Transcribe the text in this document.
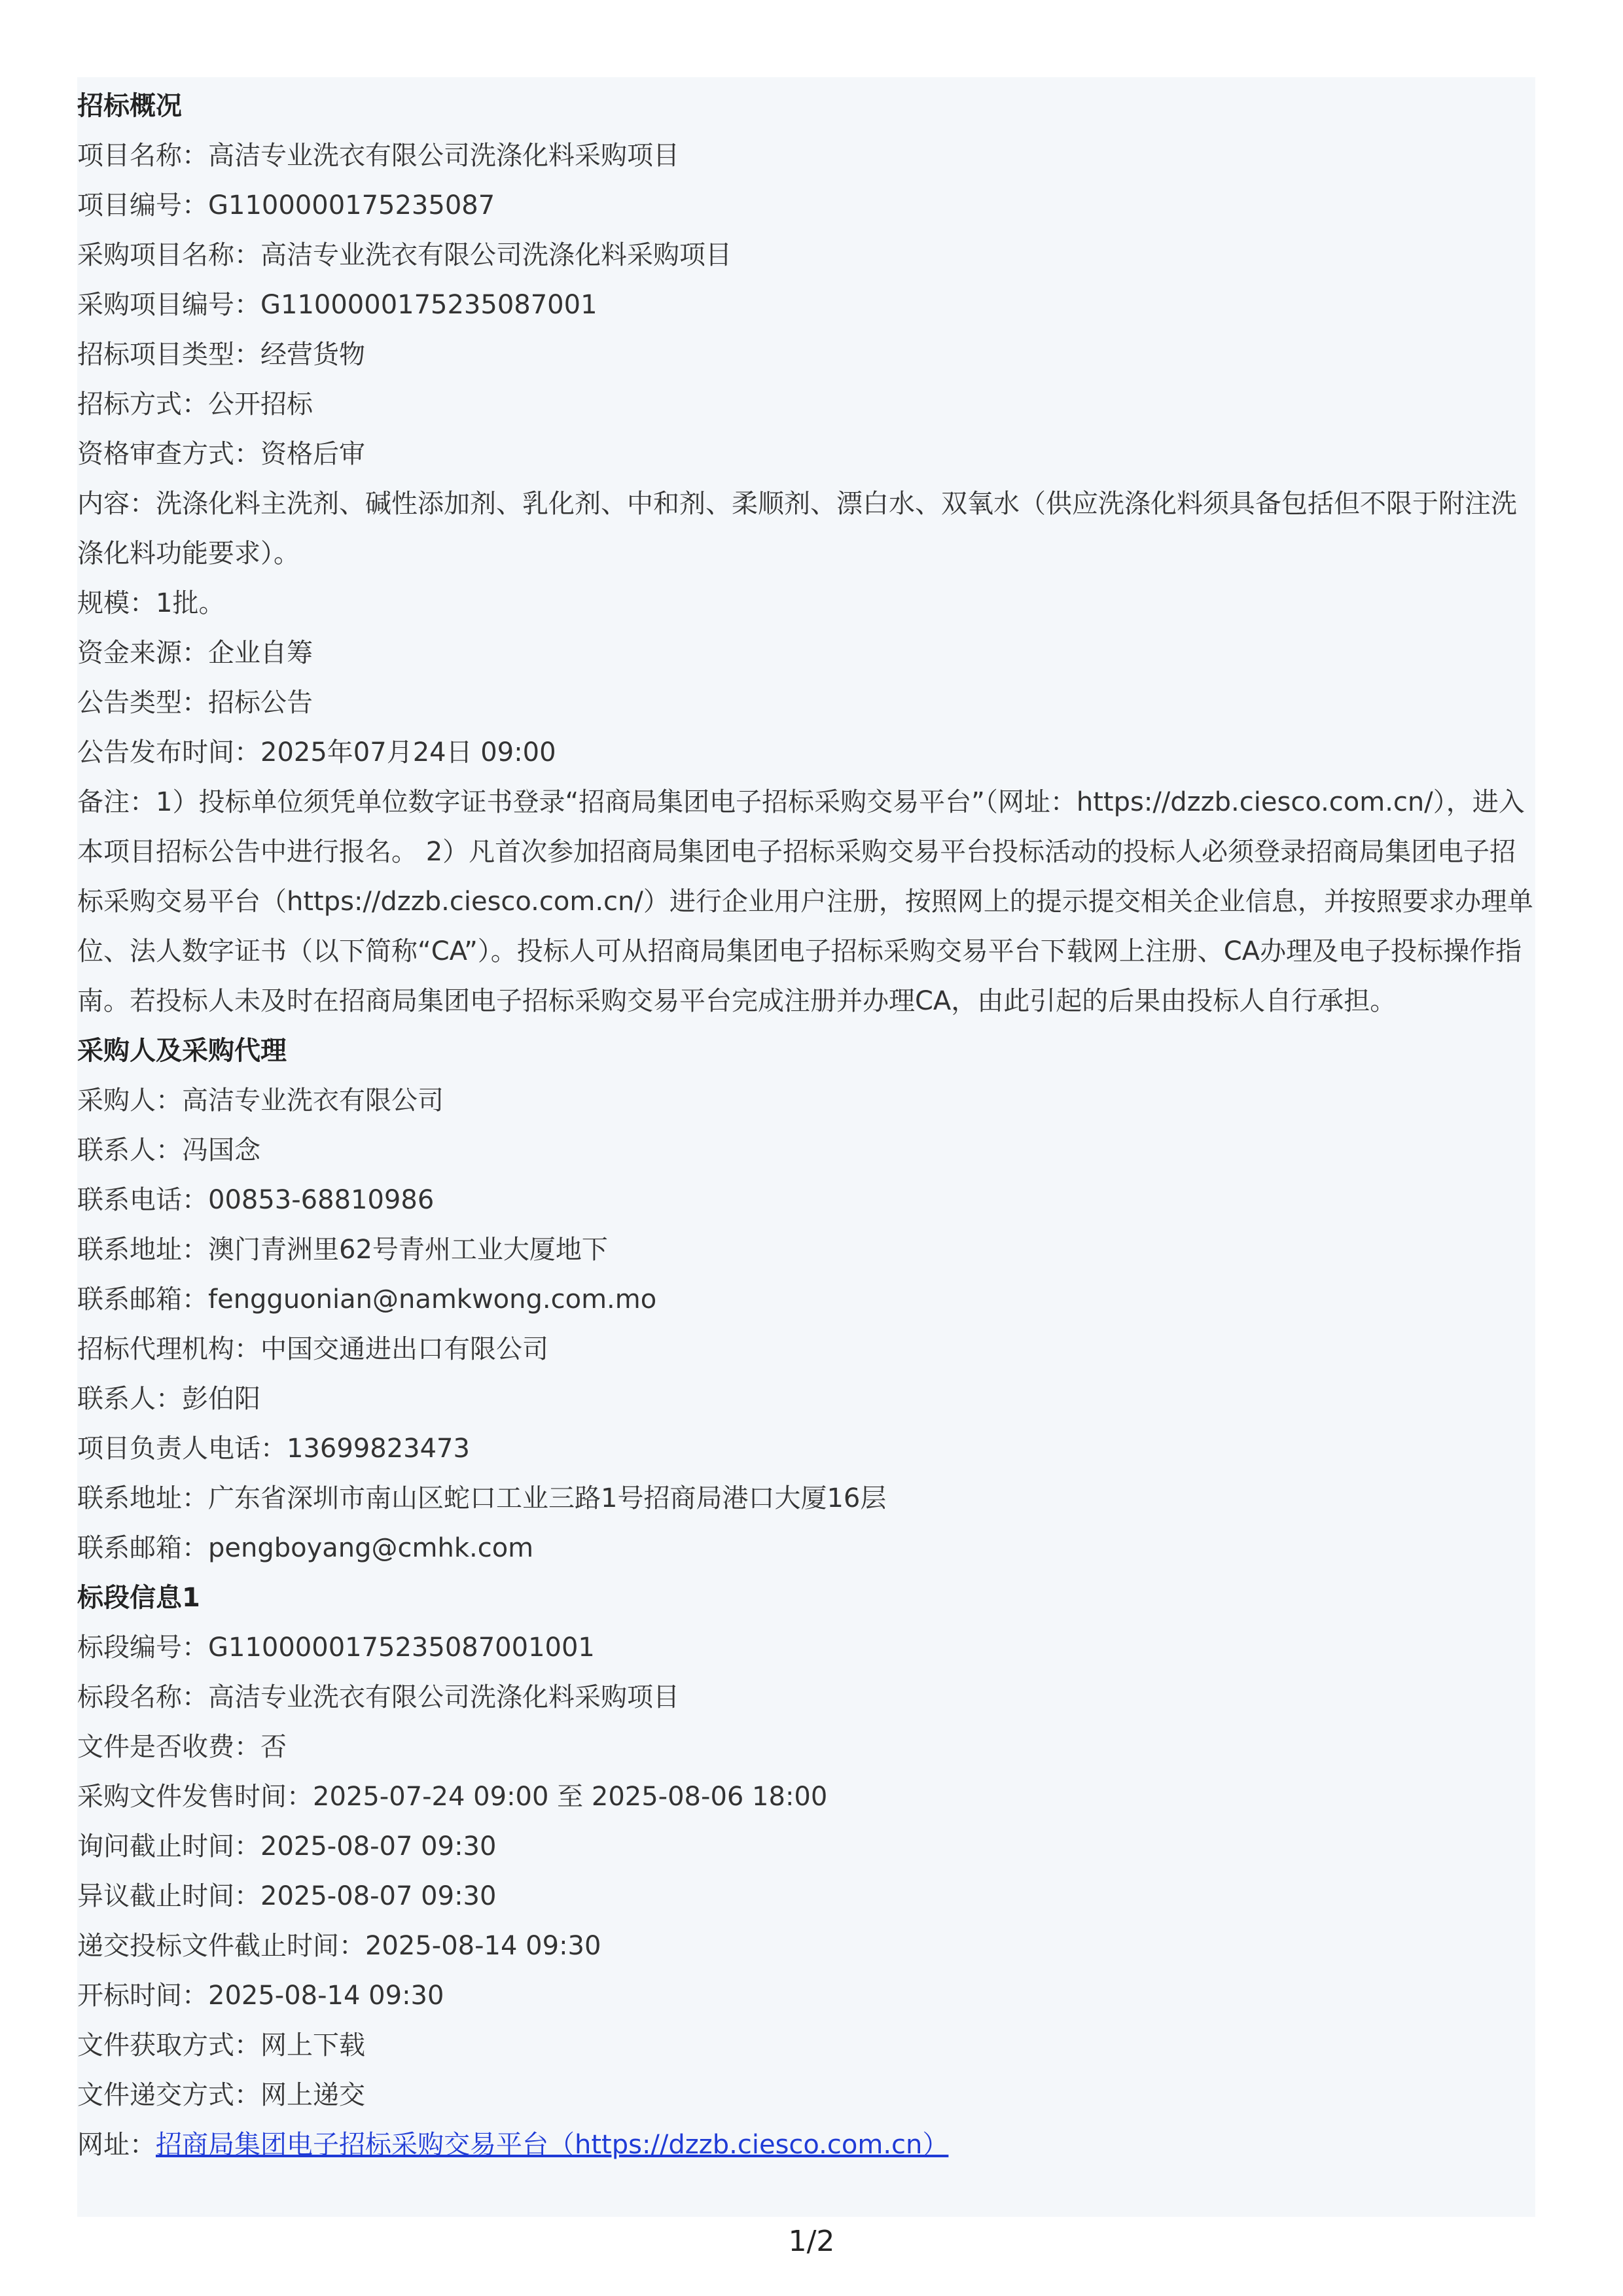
招标概况
项目名称：高洁专业洗衣有限公司洗涤化料采购项目
项目编号：G1100000175235087
采购项目名称：高洁专业洗衣有限公司洗涤化料采购项目
采购项目编号：G1100000175235087001
招标项目类型：经营货物
招标方式：公开招标
资格审查方式：资格后审
内容：洗涤化料主洗剂、碱性添加剂、乳化剂、中和剂、柔顺剂、漂白水、双氧水（供应洗涤化料须具备包括但不限于附注洗涤化料功能要求）。
规模：1批。
资金来源：企业自筹
公告类型：招标公告
公告发布时间：2025年07月24日 09:00
备注：1）投标单位须凭单位数字证书登录“招商局集团电子招标采购交易平台”（网址：https://dzzb.ciesco.com.cn/），进入本项目招标公告中进行报名。 2）凡首次参加招商局集团电子招标采购交易平台投标活动的投标人必须登录招商局集团电子招标采购交易平台（https://dzzb.ciesco.com.cn/）进行企业用户注册，按照网上的提示提交相关企业信息，并按照要求办理单位、法人数字证书（以下简称“CA”）。投标人可从招商局集团电子招标采购交易平台下载网上注册、CA办理及电子投标操作指南。若投标人未及时在招商局集团电子招标采购交易平台完成注册并办理CA，由此引起的后果由投标人自行承担。
采购人及采购代理
采购人：高洁专业洗衣有限公司
联系人：冯国念
联系电话：00853-68810986
联系地址：澳门青洲里62号青州工业大厦地下
联系邮箱：fengguonian@namkwong.com.mo
招标代理机构：中国交通进出口有限公司
联系人：彭伯阳
项目负责人电话：13699823473
联系地址：广东省深圳市南山区蛇口工业三路1号招商局港口大厦16层
联系邮箱：pengboyang@cmhk.com
标段信息1
标段编号：G1100000175235087001001
标段名称：高洁专业洗衣有限公司洗涤化料采购项目
文件是否收费：否
采购文件发售时间：2025-07-24 09:00 至 2025-08-06 18:00
询问截止时间：2025-08-07 09:30
异议截止时间：2025-08-07 09:30
递交投标文件截止时间：2025-08-14 09:30
开标时间：2025-08-14 09:30
文件获取方式：网上下载
文件递交方式：网上递交
网址：招商局集团电子招标采购交易平台（https://dzzb.ciesco.com.cn）
1/2
